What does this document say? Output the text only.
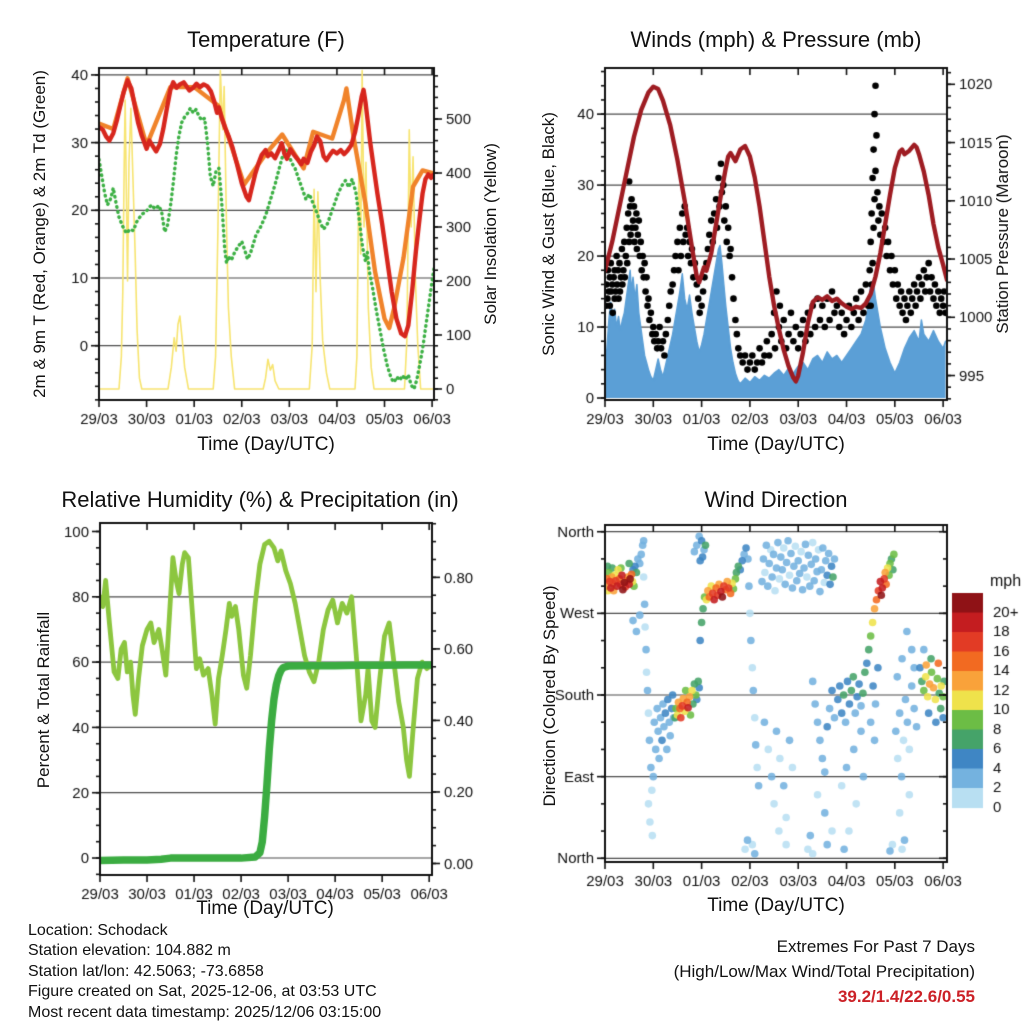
Temperature (F)	Winds (mph) & Pressure (mb)
Relative Humidity (%) & Precipitation (in)	Wind Direction
Time (Day/UTC)	Time (Day/UTC)
Time (Day/UTC)	Time (Day/UTC)
2m & 9m T (Red, Orange) & 2m Td (Green)	Solar Insolation (Yellow) Sonic Wind & Gust (Blue, Black)	Station Pressure (Maroon)
Percent & Total Rainfall	Direction (Colored By Speed)
Location: Schodack
Station elevation: 104.882 m
Station lat/lon: 42.5063; -73.6858
Figure created on Sat, 2025-12-06, at 03:53 UTC
Most recent data timestamp: 2025/12/06 03:15:00
Extremes For Past 7 Days
(High/Low/Max Wind/Total Precipitation)
39.2/1.4/22.6/0.55
